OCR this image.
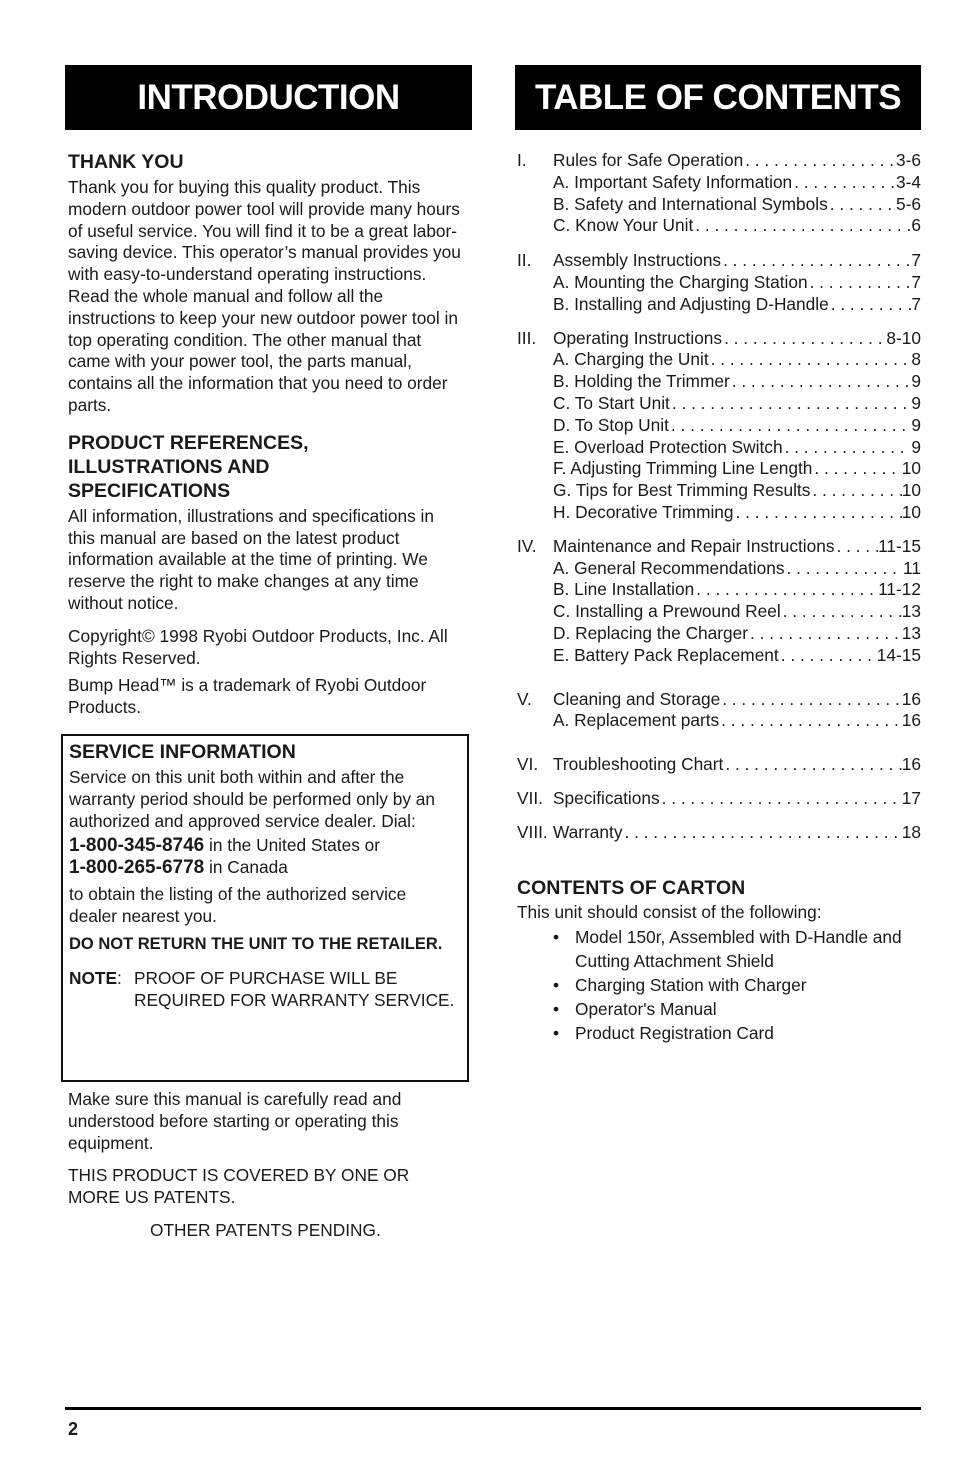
INTRODUCTION	TABLE OF CONTENTS
THANK YOU

Thank you for buying this quality product. This modern outdoor power tool will provide many hours of useful service. You will find it to be a great labor-saving device. This operator’s manual provides you with easy-to-understand operating instructions. Read the whole manual and follow all the instructions to keep your new outdoor power tool in top operating condition. The other manual that came with your power tool, the parts manual, contains all the information that you need to order parts.

PRODUCT REFERENCES, ILLUSTRATIONS AND SPECIFICATIONS

All information, illustrations and specifications in this manual are based on the latest product information available at the time of printing. We reserve the right to make changes at any time without notice.

Copyright© 1998 Ryobi Outdoor Products, Inc. All Rights Reserved.

Bump Head™ is a trademark of Ryobi Outdoor Products.

SERVICE INFORMATION

Service on this unit both within and after the warranty period should be performed only by an authorized and approved service dealer. Dial:

1-800-345-8746 in the United States or

1-800-265-6778 in Canada

to obtain the listing of the authorized service dealer nearest you.

DO NOT RETURN THE UNIT TO THE RETAILER.

NOTE: PROOF OF PURCHASE WILL BE REQUIRED FOR WARRANTY SERVICE.

Make sure this manual is carefully read and understood before starting or operating this equipment.

THIS PRODUCT IS COVERED BY ONE OR MORE US PATENTS.

OTHER PATENTS PENDING.

I.	Rules for Safe Operation . . .	3-6
A. Important Safety Information . . .	3-4
B. Safety and International Symbols . . .	5-6
C. Know Your Unit . . .	6
II.	Assembly Instructions . . .	7
A. Mounting the Charging Station . . .	7
B. Installing and Adjusting D-Handle . . .	7
III. Operating Instructions . . .	8-10
A. Charging the Unit . . .	8
B. Holding the Trimmer . . .	9
C. To Start Unit . . .	9
D. To Stop Unit . . .	9
E. Overload Protection Switch . . .	9
F. Adjusting Trimming Line Length . . .	10
G. Tips for Best Trimming Results . . .	10
H. Decorative Trimming . . .	10
IV. Maintenance and Repair Instructions . . .	11-15
A. General Recommendations . . .	11
B. Line Installation . . .	11-12
C. Installing a Prewound Reel . . .	13
D. Replacing the Charger . . .	13
E. Battery Pack Replacement . . .	14-15
V.	Cleaning and Storage . . .	16
A. Replacement parts . . .	16
VI. Troubleshooting Chart . . .	16
VII. Specifications . . .	17
VIII. Warranty . . .	18
CONTENTS OF CARTON

This unit should consist of the following:

• Model 150r, Assembled with D-Handle and Cutting Attachment Shield
• Charging Station with Charger
• Operator's Manual
• Product Registration Card
2
